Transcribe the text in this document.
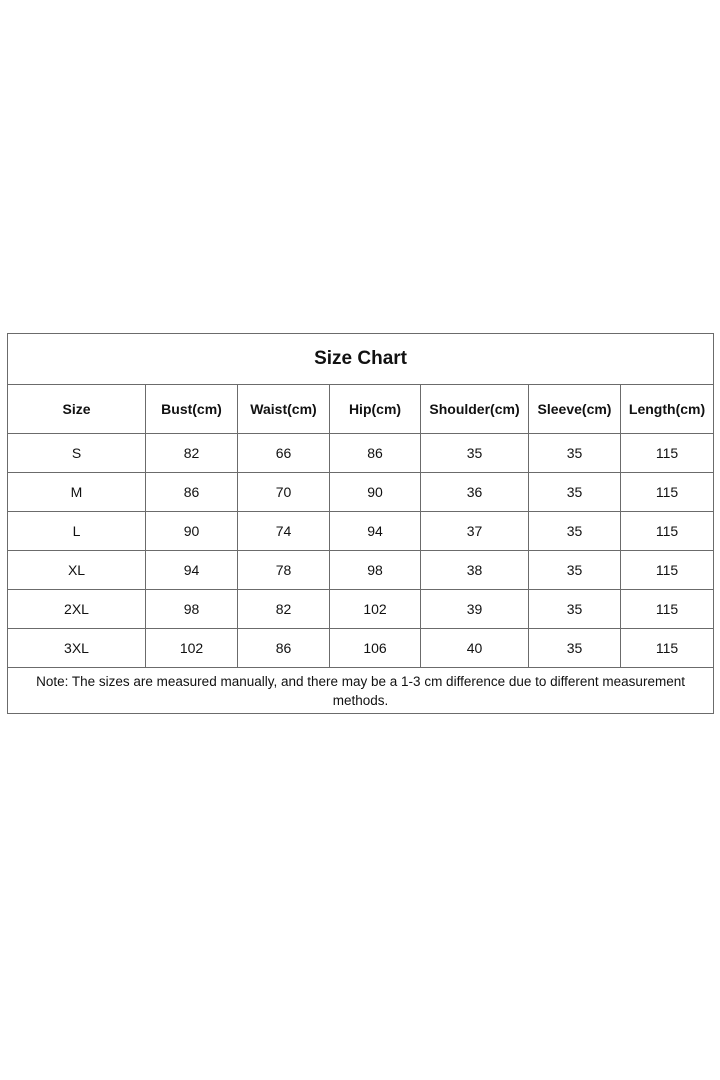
Size Chart						
Size	Bust(cm)	Waist(cm)	Hip(cm)	Shoulder(cm)	Sleeve(cm)	Length(cm)
S	82	66	86	35	35	115
M	86	70	90	36	35	115
L	90	74	94	37	35	115
XL	94	78	98	38	35	115
2XL	98	82	102	39	35	115
3XL	102	86	106	40	35	115
Note: The sizes are measured manually, and there may be a 1-3 cm difference due to different measurement methods.						
